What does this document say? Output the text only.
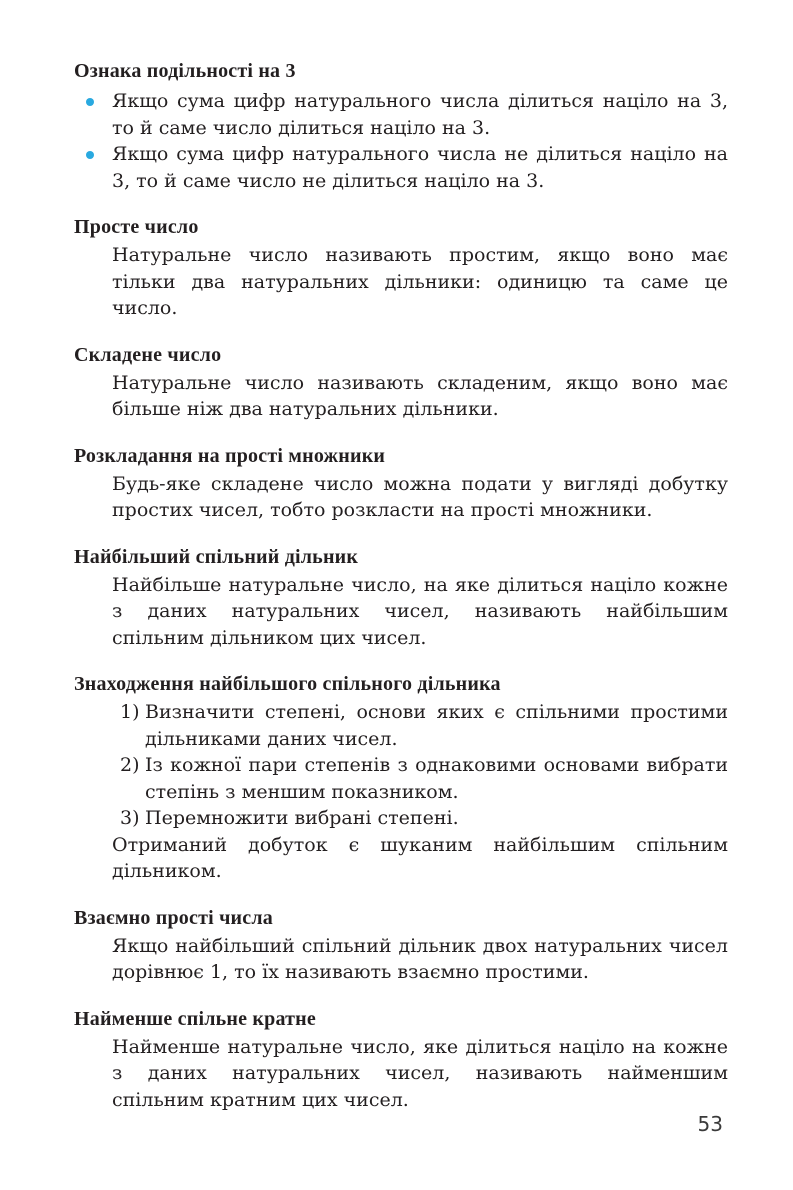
Ознака подільності на 3
Якщо сума цифр натурального числа ділиться націло на 3, то й саме число ділиться націло на 3.
Якщо сума цифр натурального числа не ділиться націло на 3, то й саме число не ділиться націло на 3.
Просте число

Натуральне число називають простим, якщо воно має тільки два натуральних дільники: одиницю та саме це число.

Складене число

Натуральне число називають складеним, якщо воно має більше ніж два натуральних дільники.

Розкладання на прості множники

Будь-яке складене число можна подати у вигляді добутку простих чисел, тобто розкласти на прості множники.

Найбільший спільний дільник

Найбільше натуральне число, на яке ділиться націло кожне з даних натуральних чисел, називають найбільшим спільним дільником цих чисел.

Знаходження найбільшого спільного дільника
1) Визначити степені, основи яких є спільними простими дільниками даних чисел.
2) Із кожної пари степенів з однаковими основами вибрати степінь з меншим показником.
3) Перемножити вибрані степені.

Отриманий добуток є шуканим найбільшим спільним дільником.

Взаємно прості числа

Якщо найбільший спільний дільник двох натуральних чисел дорівнює 1, то їх називають взаємно простими.

Найменше спільне кратне

Найменше натуральне число, яке ділиться націло на кожне з даних натуральних чисел, називають найменшим спільним кратним цих чисел.

53
